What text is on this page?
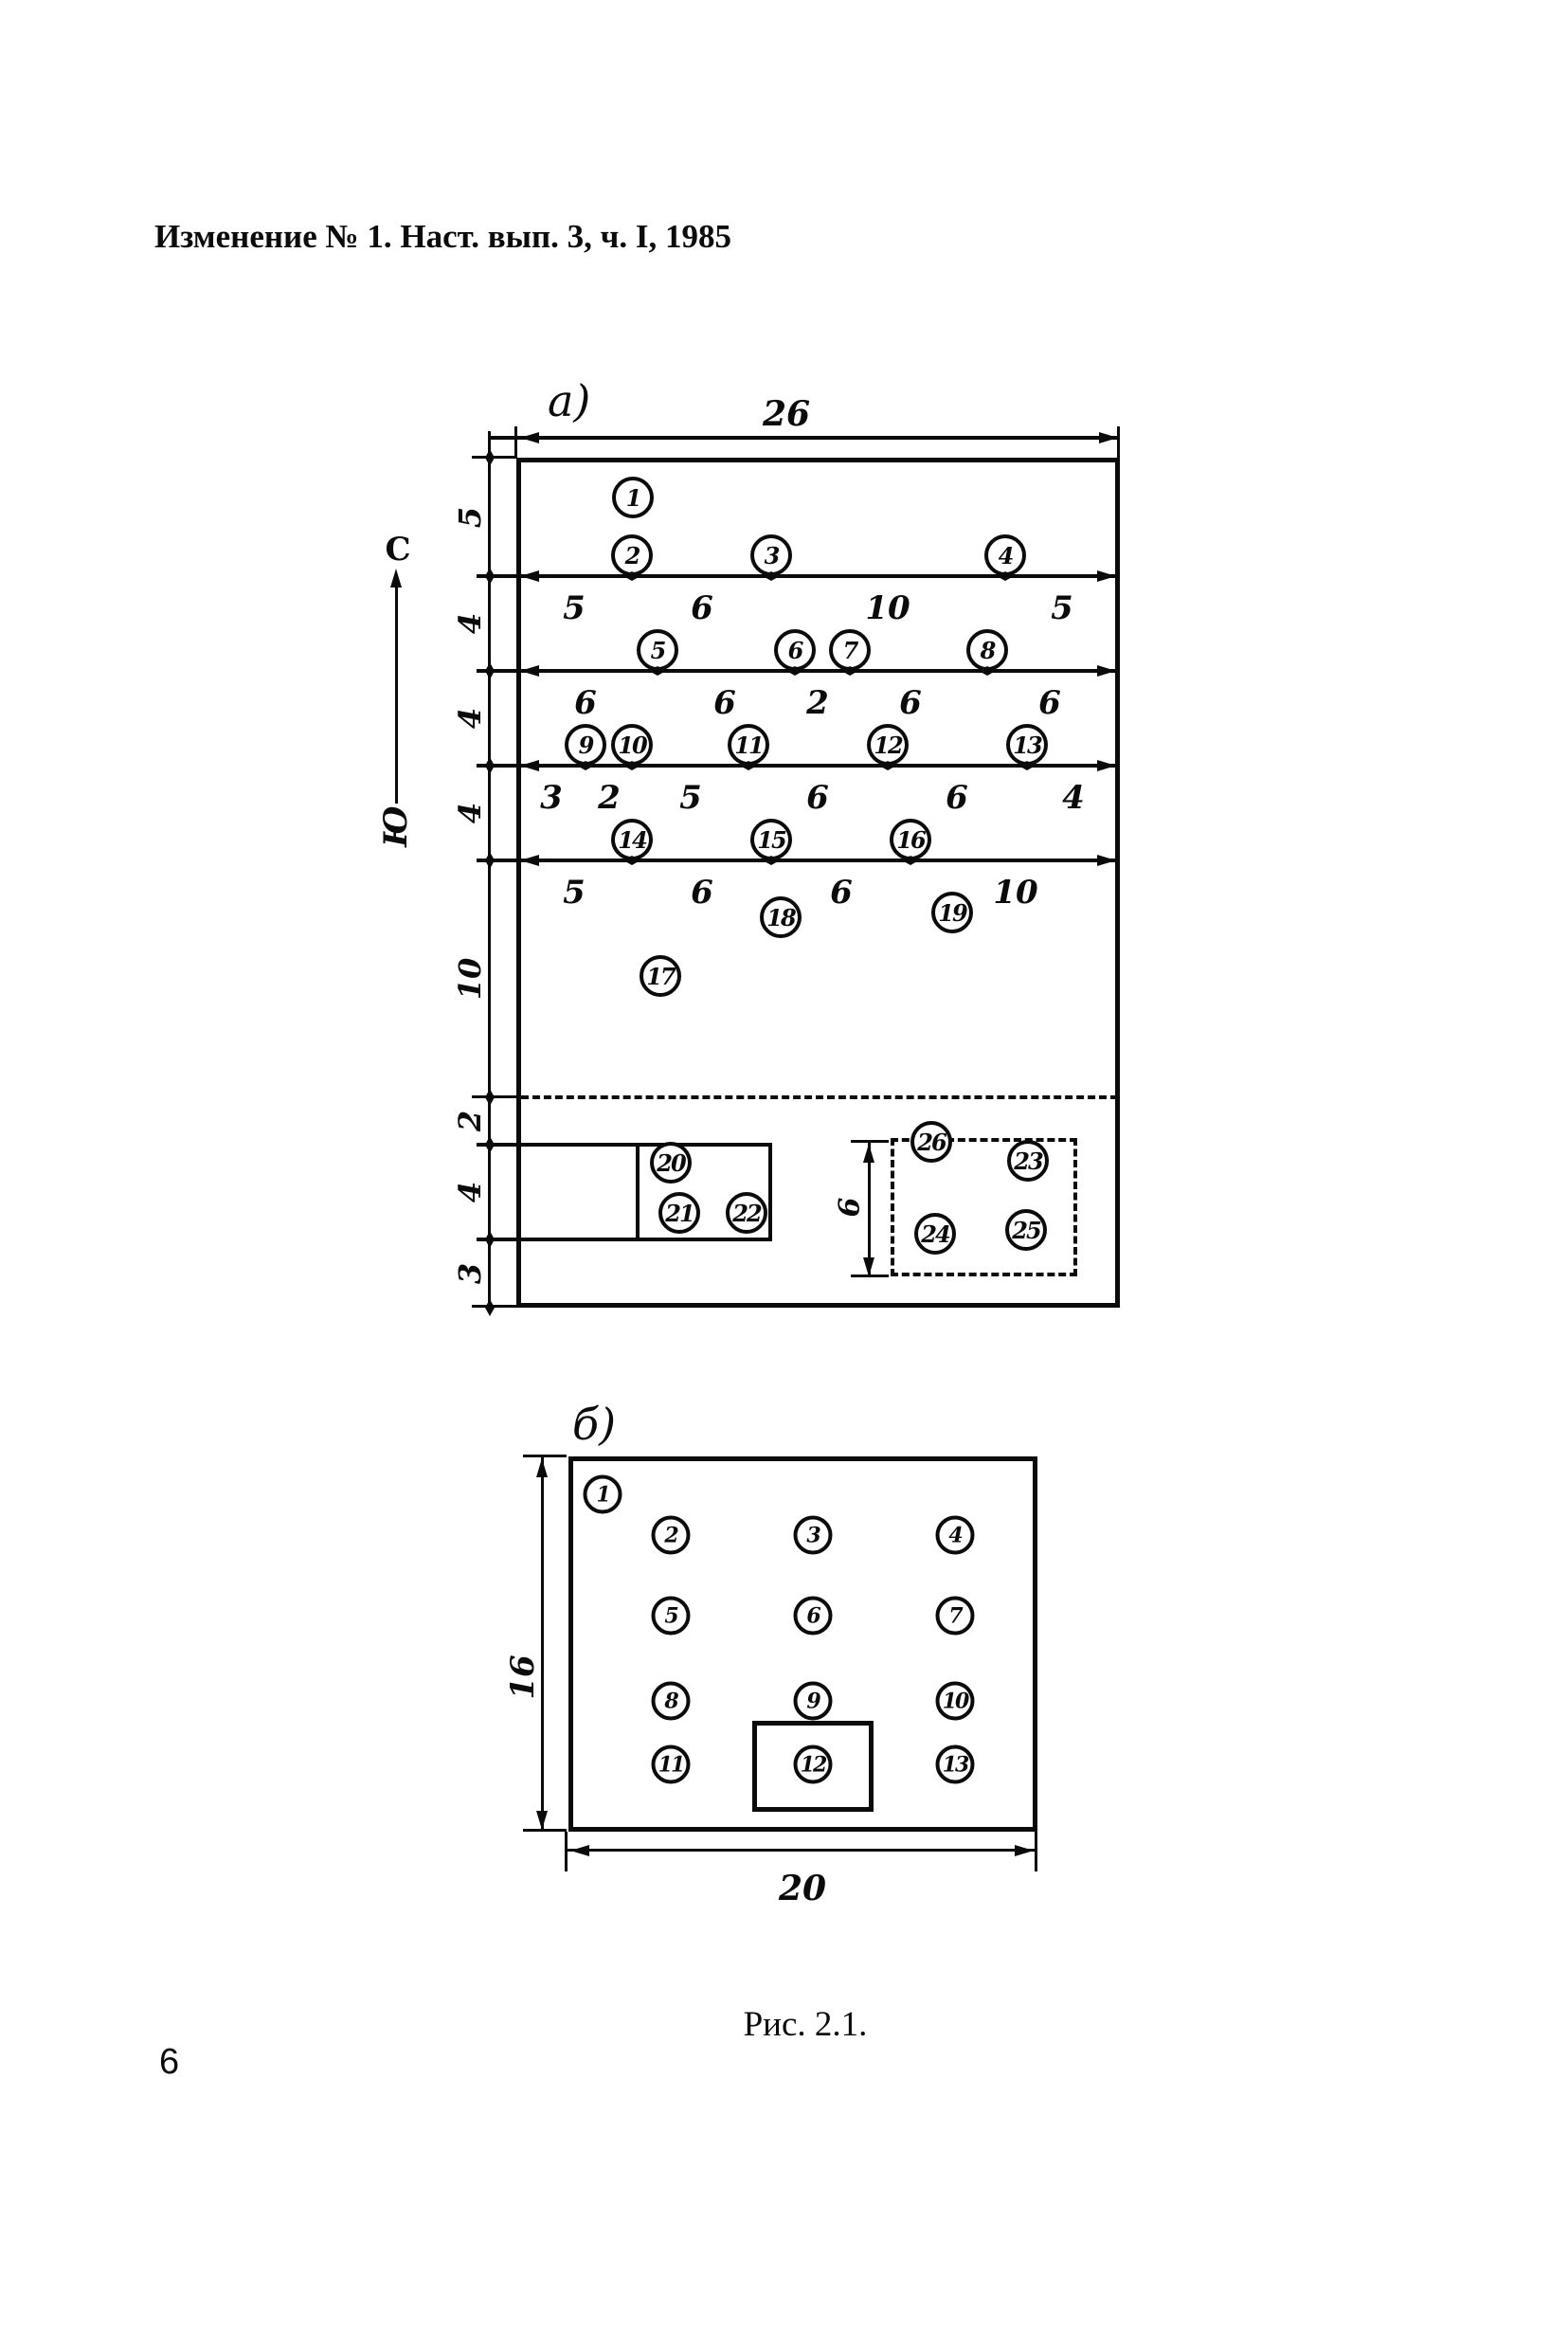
Изменение № 1. Наст. вып. 3, ч. I, 1985
а)	26
6
С
Ю
б)
16
20
Рис. 2.1.
6
1
2	3	4
5	6	7	8
9	10	11	12	13
14	15	16
17
18	19
20
21	22
23
24	25
26
5	6	10	5
6	6 2 6	6
3 2 5	6	6	4
5	6	6	10
5
4
4
4
10
2
4
3
1
2	3	4
5	6	7
8	9	10
11	12	13
